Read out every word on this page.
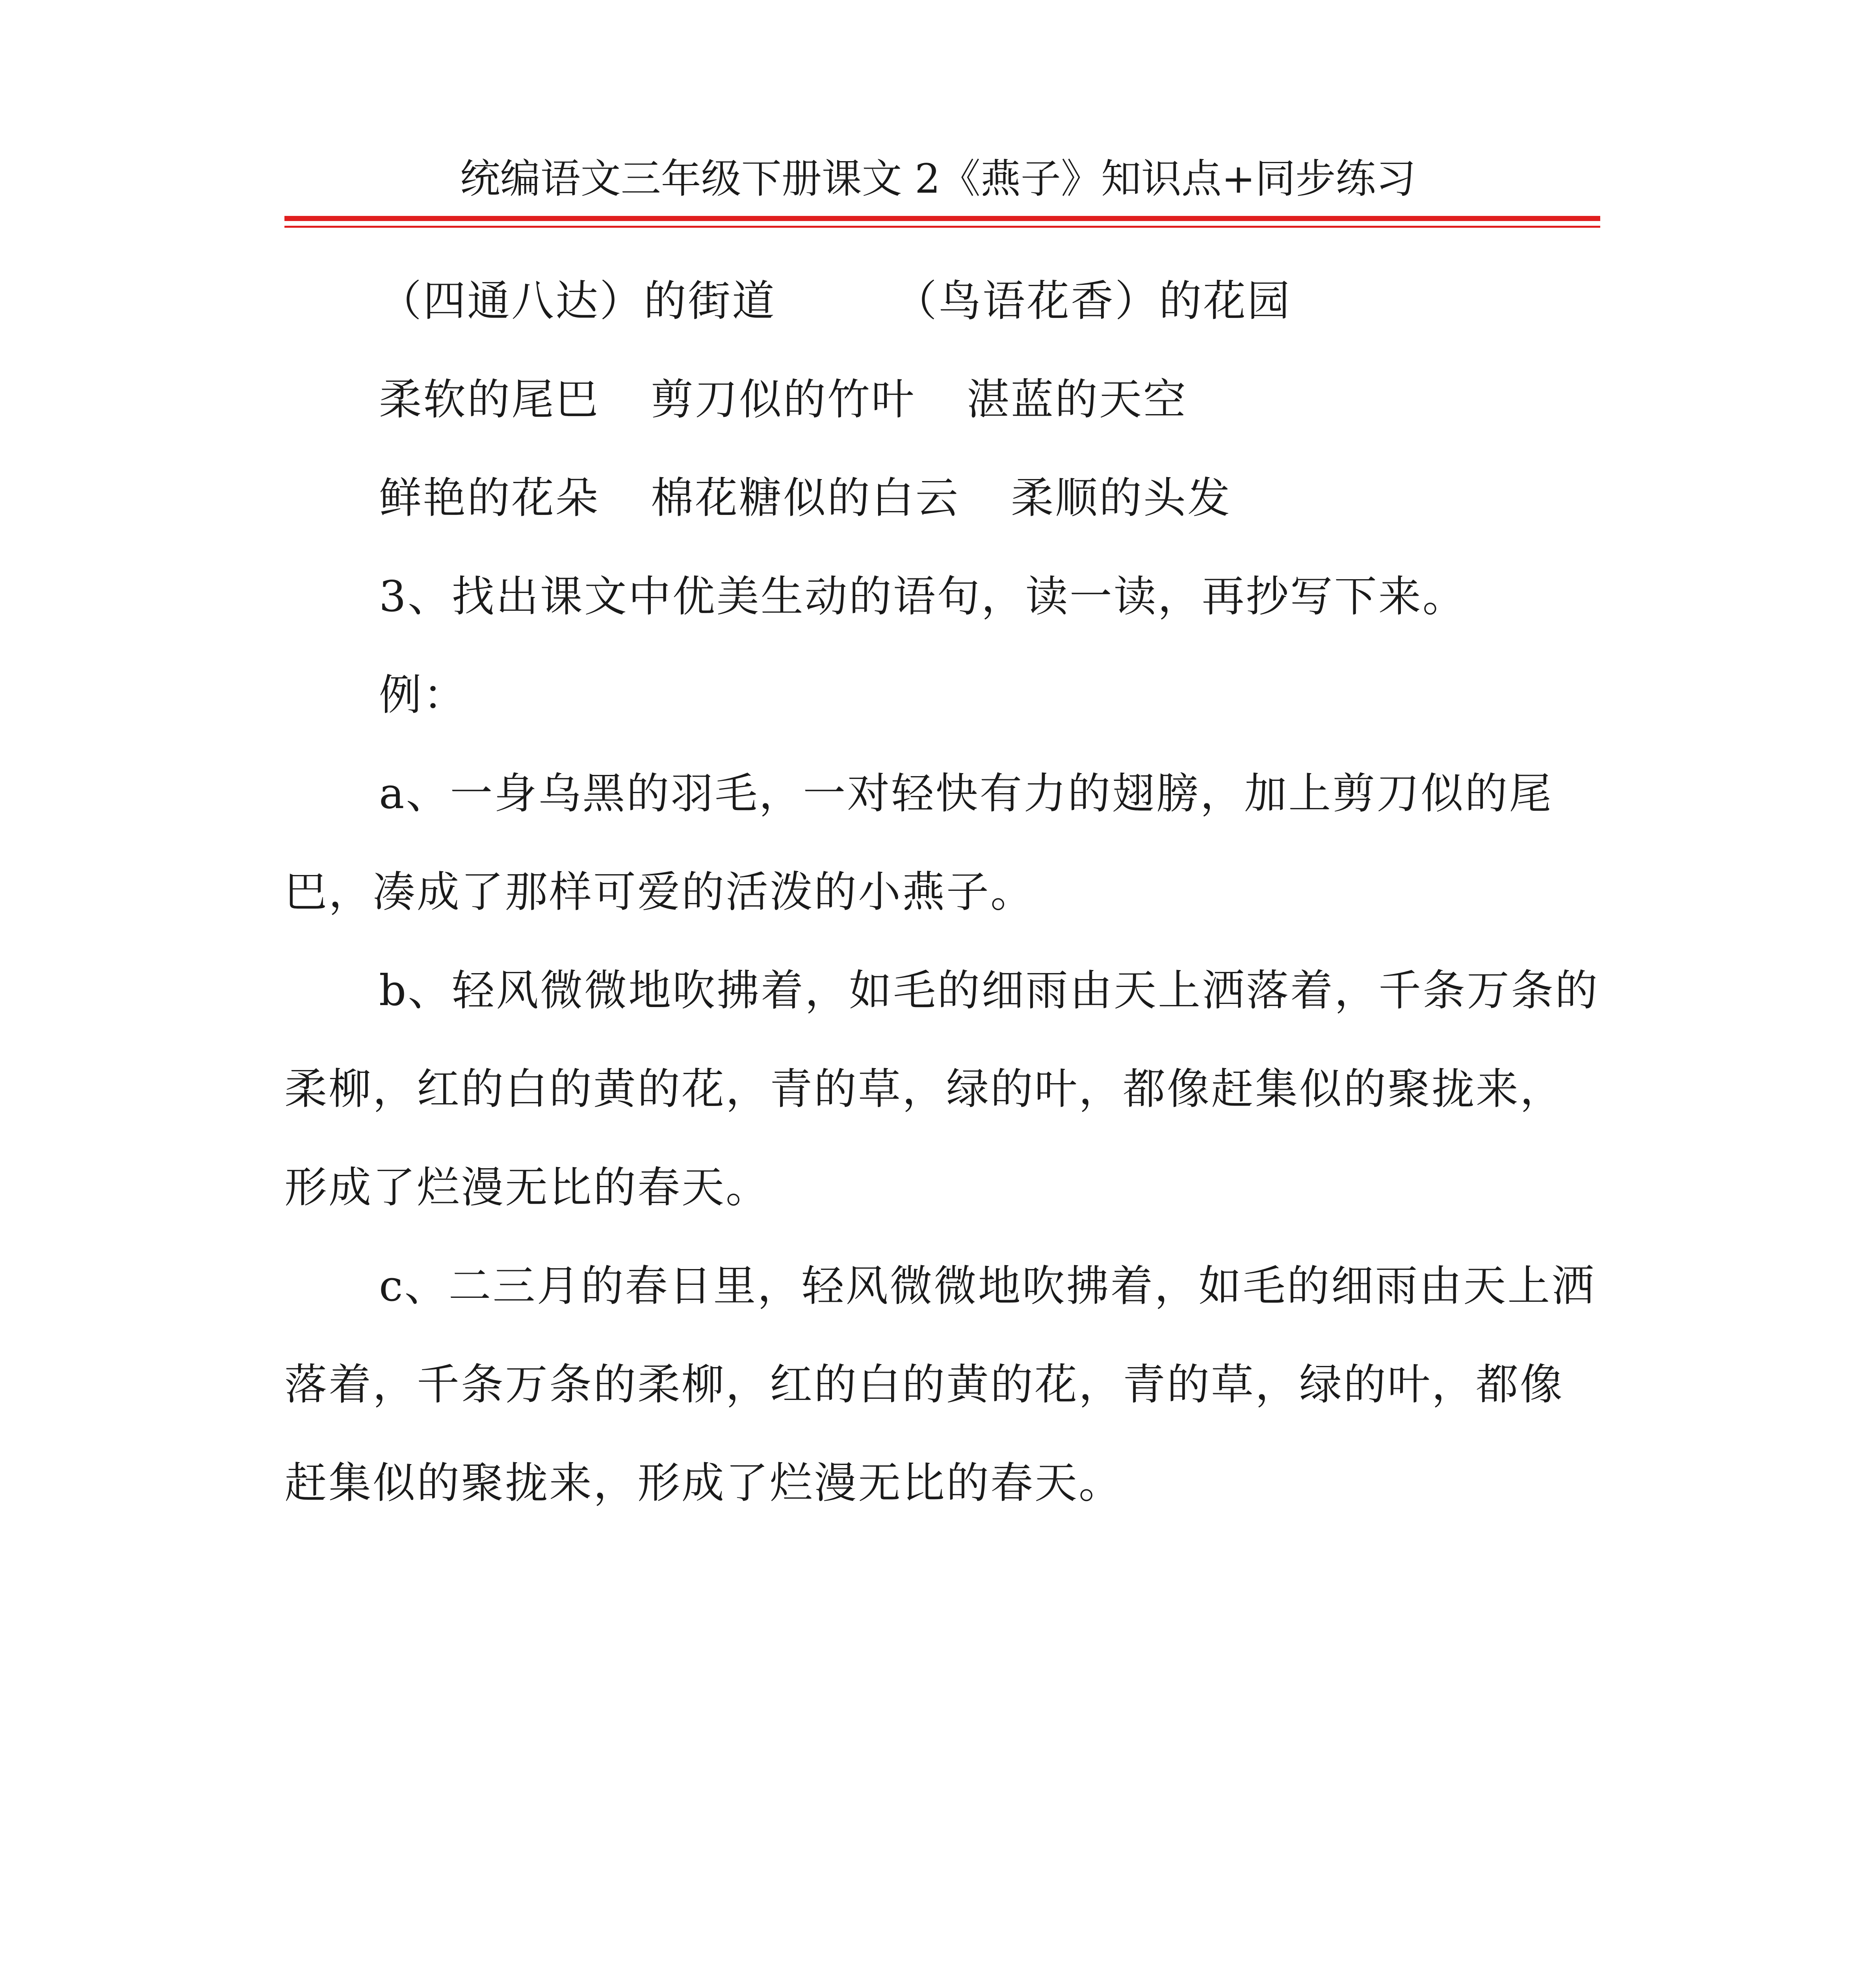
统编语文三年级下册课文 2《燕子》知识点+同步练习

（四通八达）的街道	（鸟语花香）的花园

柔软的尾巴 剪刀似的竹叶 湛蓝的天空

鲜艳的花朵 棉花糖似的白云 柔顺的头发

3、找出课文中优美生动的语句，读一读，再抄写下来。

例：

a、一身乌黑的羽毛，一对轻快有力的翅膀，加上剪刀似的尾巴，凑成了那样可爱的活泼的小燕子。

b、轻风微微地吹拂着，如毛的细雨由天上洒落着，千条万条的柔柳，红的白的黄的花，青的草，绿的叶，都像赶集似的聚拢来，形成了烂漫无比的春天。

c、二三月的春日里，轻风微微地吹拂着，如毛的细雨由天上洒落着，千条万条的柔柳，红的白的黄的花，青的草，绿的叶，都像赶集似的聚拢来，形成了烂漫无比的春天。
